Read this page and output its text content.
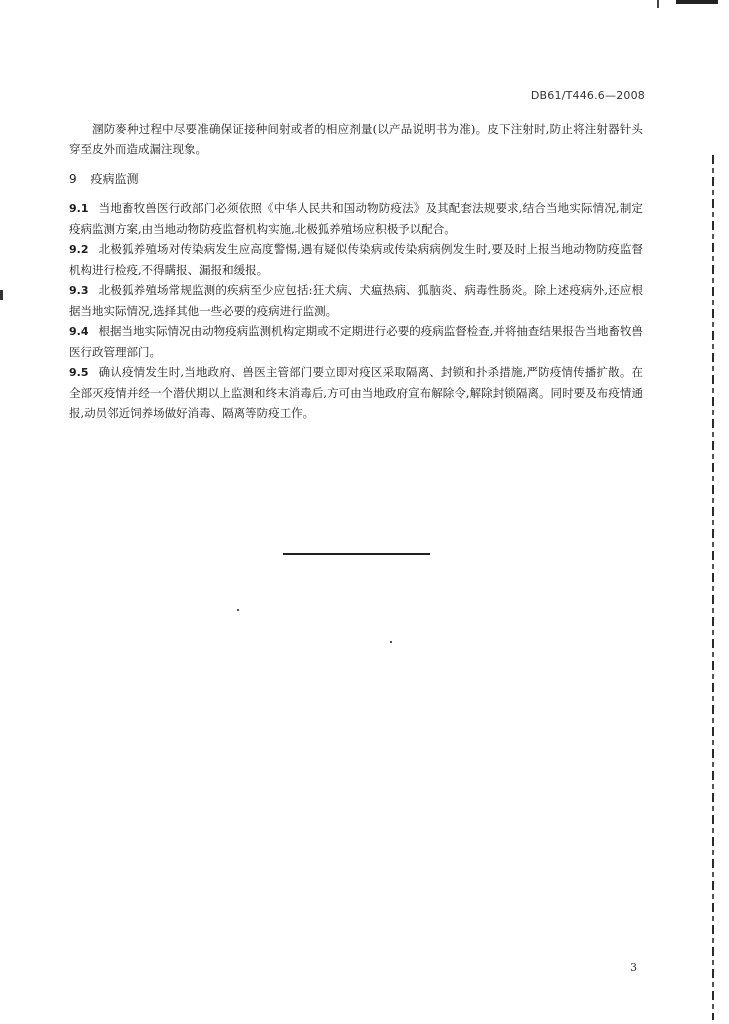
DB61/T446.6—2008

溷防麥种过程中尽要准确保证接种间射或者的相应剂量(以产品说明书为准)。皮下注射时,防止将注射器针头穿至皮外而造成漏注现象。

9 疫病监测

9.1 当地畜牧兽医行政部门必须依照《中华人民共和国动物防疫法》及其配套法规要求,结合当地实际情况,制定疫病监测方案,由当地动物防疫监督机构实施,北极狐养殖场应积极予以配合。

9.2 北极狐养殖场对传染病发生应高度警惕,遇有疑似传染病或传染病病例发生时,要及时上报当地动物防疫监督机构进行检疫,不得瞒报、漏报和缓报。

9.3 北极狐养殖场常规监测的疾病至少应包括:狂犬病、犬瘟热病、狐脑炎、病毒性肠炎。除上述疫病外,还应根据当地实际情况,选择其他一些必要的疫病进行监测。

9.4 根据当地实际情况由动物疫病监测机构定期或不定期进行必要的疫病监督检查,并将抽查结果报告当地畜牧兽医行政管理部门。

9.5 确认疫情发生时,当地政府、兽医主管部门要立即对疫区采取隔离、封锁和扑杀措施,严防疫情传播扩散。在全部灭疫情并经一个潜伏期以上监测和终末消毒后,方可由当地政府宣布解除令,解除封锁隔离。同时要及布疫情通报,动员邻近饲养场做好消毒、隔离等防疫工作。

3
